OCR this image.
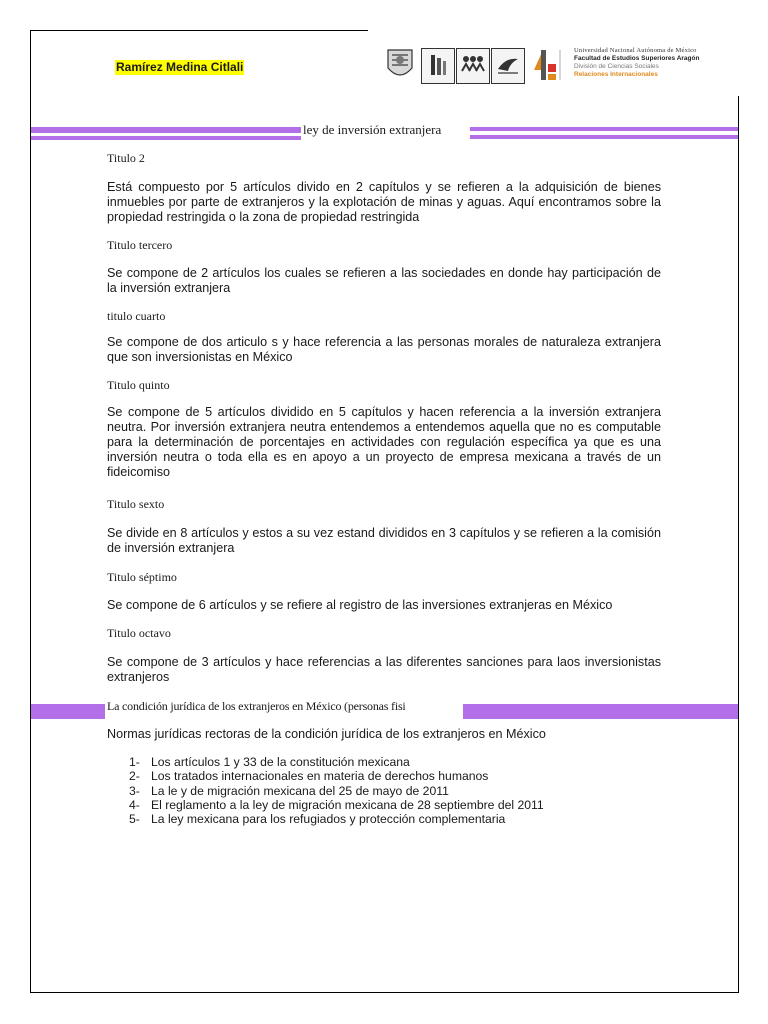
Ramírez Medina Citlali
Universidad Nacional Autónoma de México
Facultad de Estudios Superiores Aragón
División de Ciencias Sociales
Relaciones Internacionales
ley de inversión extranjera

Titulo 2

Está compuesto por 5 artículos divido en 2 capítulos y se refieren a la adquisición de bienes inmuebles por parte de extranjeros y la explotación de minas y aguas. Aquí encontramos sobre la propiedad restringida o la zona de propiedad restringida

Titulo tercero

Se compone de 2 artículos los cuales se refieren a las sociedades en donde hay participación de la inversión extranjera

titulo cuarto

Se compone de dos articulo s y hace referencia a las personas morales de naturaleza extranjera que son inversionistas en México

Titulo quinto

Se compone de 5 artículos dividido en 5 capítulos y hacen referencia a la inversión extranjera neutra. Por inversión extranjera neutra entendemos a entendemos aquella que no es computable para la determinación de porcentajes en actividades con regulación específica ya que es una inversión neutra o toda ella es en apoyo a un proyecto de empresa mexicana a través de un fideicomiso

Titulo sexto

Se divide en 8 artículos y estos a su vez estand divididos en 3 capítulos y se refieren a la comisión de inversión extranjera

Titulo séptimo

Se compone de 6 artículos y se refiere al registro de las inversiones extranjeras en México

Titulo octavo

Se compone de 3 artículos y hace referencias a las diferentes sanciones para laos inversionistas extranjeros

La condición jurídica de los extranjeros en México (personas fisi
Normas jurídicas rectoras de la condición jurídica de los extranjeros en México
1- Los artículos 1 y 33 de la constitución mexicana
2- Los tratados internacionales en materia de derechos humanos
3- La le y de migración mexicana del 25 de mayo de 2011
4- El reglamento a la ley de migración mexicana de 28 septiembre del 2011
5- La ley mexicana para los refugiados y protección complementaria
